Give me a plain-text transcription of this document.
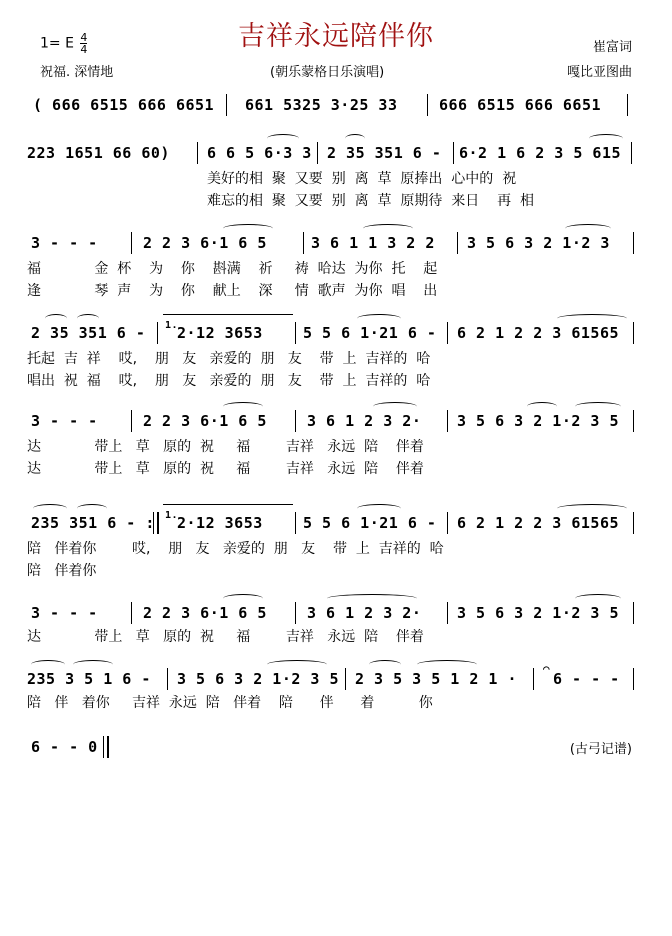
吉祥永远陪伴你
1= E $\frac{4}{4}$
祝福. 深情地	(朝乐蒙格日乐演唱)
崔富词
嘎比亚图曲

( 666 6515 666 6651

661 5325 3·25 33

	666 6515 666 6651

223 1651 66 60)

6 6 5 6·3 3

2 35 351 6 -

6·2 1 6 2 3 5 615

美好的相  聚  又要  别  离  草  原捧出  心中的  祝
难忘的相  聚  又要  别  离  草  原期待  来日    再  相

3 - - -

	2 2 3 6·1 6 5

	3 6 1 1 3 2 2

3 5 6 3 2 1·2 3

福            金  杯    为    你    斟满    祈     祷  哈达  为你  托    起
逢            琴  声    为    你    献上    深     情  歌声  为你  唱    出

2 35 351 6 -

1.

2·12 3653

	5 5 6 1·21 6 -

6 2 1 2 2 3 61565

托起  吉  祥    哎,    朋   友   亲爱的  朋   友    带  上  吉祥的  哈
唱出  祝  福    哎,    朋   友   亲爱的  朋   友    带  上  吉祥的  哈

3 - - -

	2 2 3 6·1 6 5

	3 6 1 2 3 2·

3 5 6 3 2 1·2 3 5

达            带上   草   原的  祝     福        吉祥   永远  陪    伴着
达            带上   草   原的  祝     福        吉祥   永远  陪    伴着

235 351 6 - :

1.

2·12 3653

	5 5 6 1·21 6 -

6 2 1 2 2 3 61565

陪   伴着你        哎,    朋   友   亲爱的  朋   友    带  上  吉祥的  哈
陪   伴着你

3 - - -

	2 2 3 6·1 6 5

	3 6 1 2 3 2·

3 5 6 3 2 1·2 3 5

达            带上   草   原的  祝     福        吉祥   永远  陪    伴着

235 3 5 1 6 -

3 5 6 3 2 1·2 3 5

2 3 5 3 5 1 2 1 ·

⌒

6 - - -

陪   伴   着你     吉祥  永远  陪   伴着    陪      伴      着          你

6 - - 0

	(古弓记谱)
